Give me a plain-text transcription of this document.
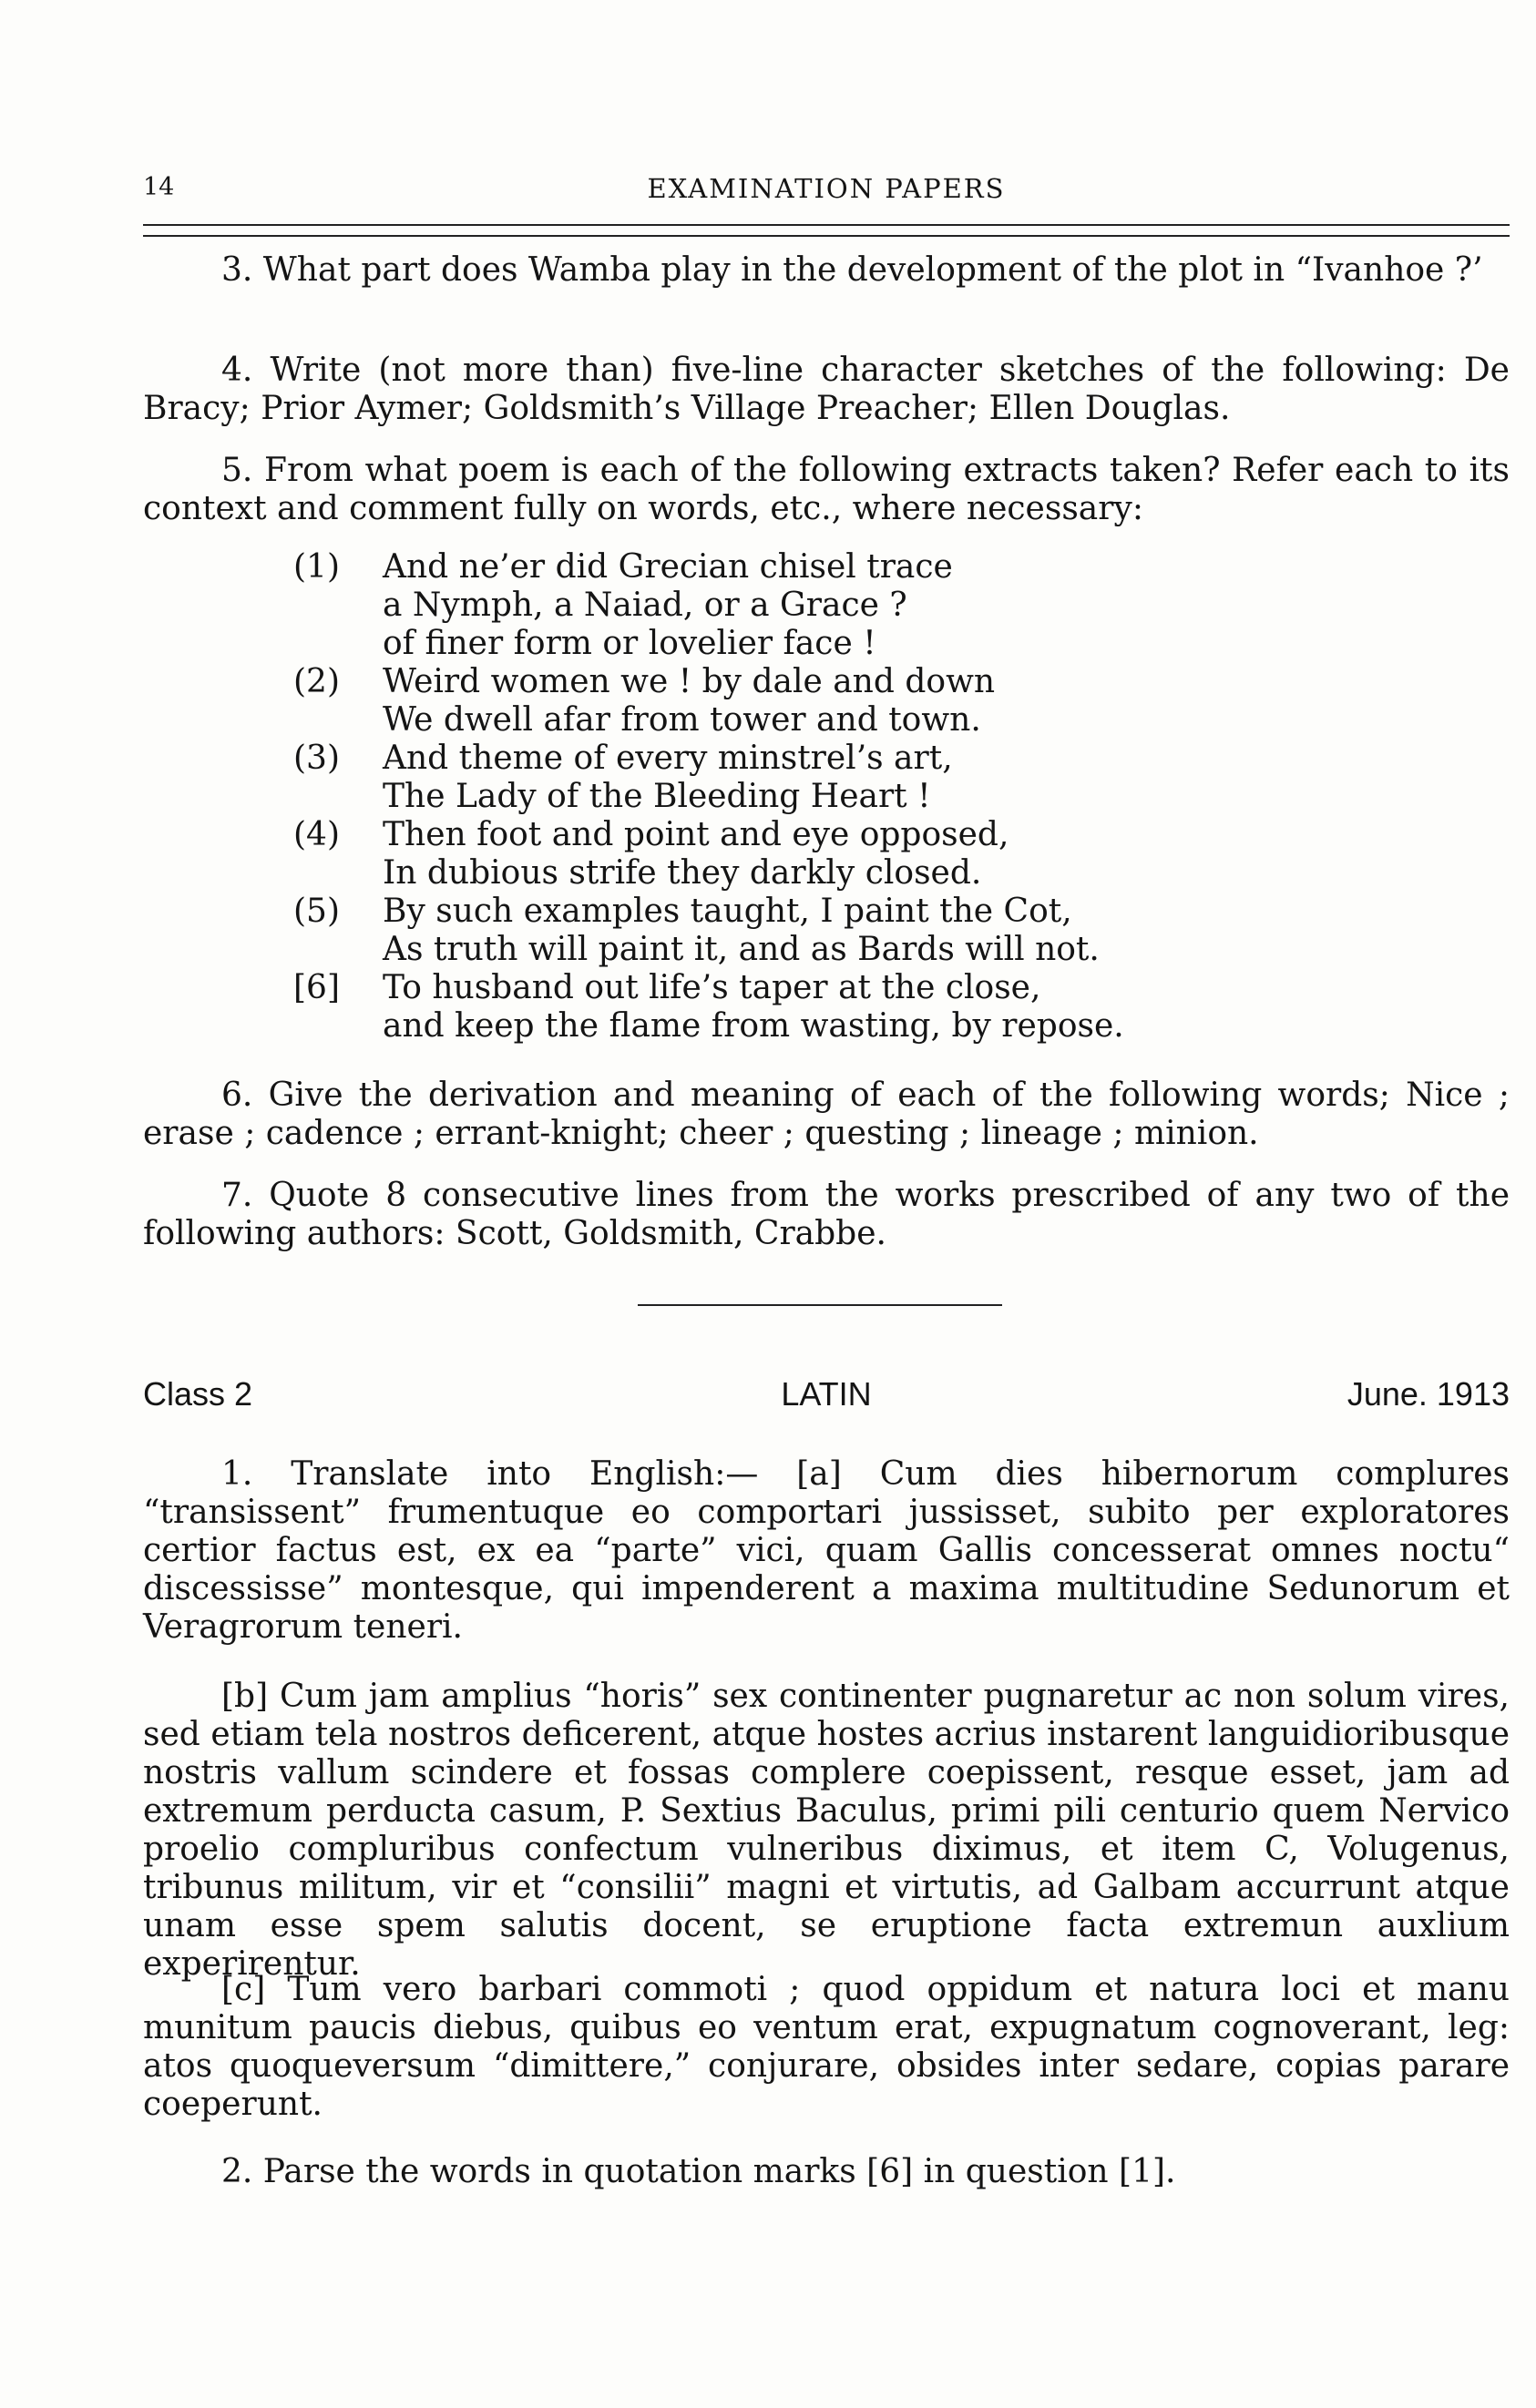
14	EXAMINATION PAPERS

3. What part does Wamba play in the development of the plot in “Ivanhoe ?’

4. Write (not more than) five-line character sketches of the following: De Bracy; Prior Aymer; Goldsmith’s Village Preacher; Ellen Douglas.

5. From what poem is each of the following extracts taken? Refer each to its context and comment fully on words, etc., where necessary:

(1)	And ne’er did Grecian chisel trace
a Nymph, a Naiad, or a Grace ?
of finer form or lovelier face !
(2)	Weird women we ! by dale and down
We dwell afar from tower and town.
(3)	And theme of every minstrel’s art,
The Lady of the Bleeding Heart !
(4)	Then foot and point and eye opposed,
In dubious strife they darkly closed.
(5)	By such examples taught, I paint the Cot,
As truth will paint it, and as Bards will not.
[6]	To husband out life’s taper at the close,
and keep the flame from wasting, by repose.

6. Give the derivation and meaning of each of the following words; Nice ; erase ; cadence ; errant-knight; cheer ; questing ; lineage ; minion.

7. Quote 8 consecutive lines from the works prescribed of any two of the following authors: Scott, Goldsmith, Crabbe.

Class 2	LATIN	June. 1913

1. Translate into English:— [a] Cum dies hibernorum complures “transissent” frumentuque eo comportari jussisset, subito per exploratores certior factus est, ex ea “parte” vici, quam Gallis concesserat omnes noctu“ discessisse” montesque, qui impenderent a maxima multitudine Sedunorum et Veragrorum teneri.

[b] Cum jam amplius “horis” sex continenter pugnaretur ac non solum vires, sed etiam tela nostros deficerent, atque hostes acrius instarent languidioribusque nostris vallum scindere et fossas complere coepissent, resque esset, jam ad extremum perducta casum, P. Sextius Baculus, primi pili centurio quem Nervico proelio compluribus confectum vulneribus diximus, et item C, Volugenus, tribunus militum, vir et “consilii” magni et virtutis, ad Galbam accurrunt atque unam esse spem salutis docent, se eruptione facta extremun auxlium experirentur.

[c] Tum vero barbari commoti ; quod oppidum et natura loci et manu munitum paucis diebus, quibus eo ventum erat, expugnatum cognoverant, leg: atos quoqueversum “dimittere,” conjurare, obsides inter sedare, copias parare coeperunt.

2. Parse the words in quotation marks [6] in question [1].
